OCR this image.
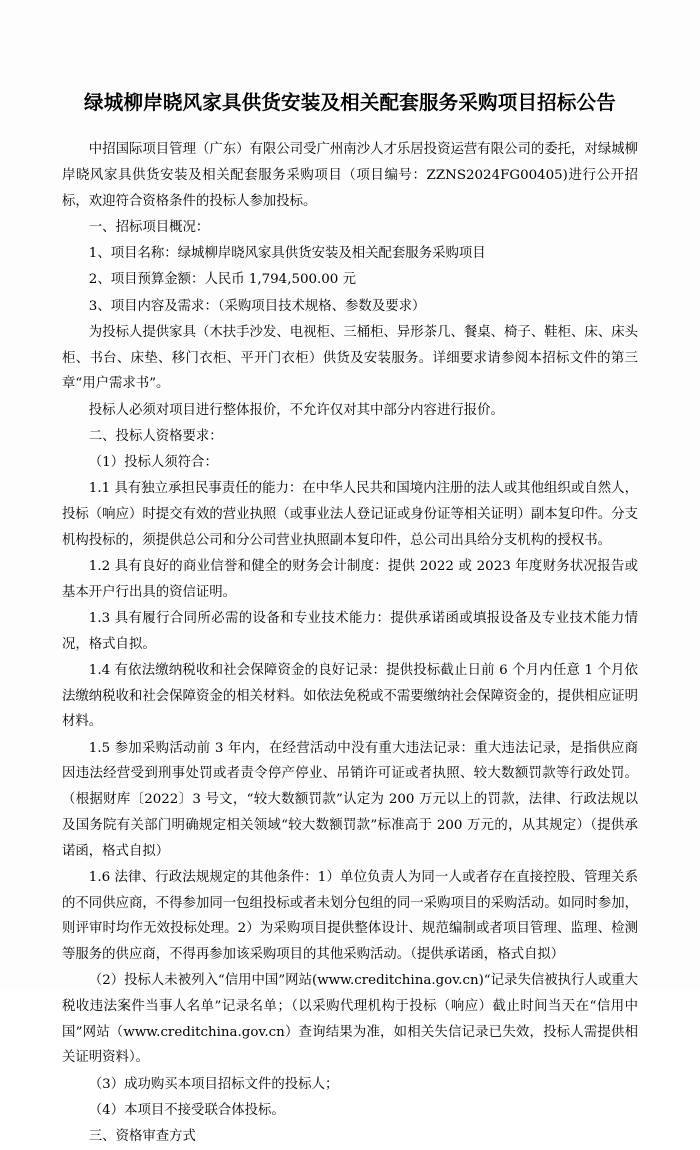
绿城柳岸晓风家具供货安装及相关配套服务采购项目招标公告

中招国际项目管理（广东）有限公司受广州南沙人才乐居投资运营有限公司的委托，对绿城柳岸晓风家具供货安装及相关配套服务采购项目（项目编号：ZZNS2024FG00405)进行公开招标，欢迎符合资格条件的投标人参加投标。

一、招标项目概况：

1、项目名称：绿城柳岸晓风家具供货安装及相关配套服务采购项目

2、项目预算金额：人民币 1,794,500.00 元

3、项目内容及需求：（采购项目技术规格、参数及要求）

为投标人提供家具（木扶手沙发、电视柜、三桶柜、异形茶几、餐桌、椅子、鞋柜、床、床头柜、书台、床垫、移门衣柜、平开门衣柜）供货及安装服务。详细要求请参阅本招标文件的第三章“用户需求书”。

投标人必须对项目进行整体报价，不允许仅对其中部分内容进行报价。

二、投标人资格要求：

（1）投标人须符合：

1.1 具有独立承担民事责任的能力：在中华人民共和国境内注册的法人或其他组织或自然人，投标（响应）时提交有效的营业执照（或事业法人登记证或身份证等相关证明）副本复印件。分支机构投标的，须提供总公司和分公司营业执照副本复印件，总公司出具给分支机构的授权书。

1.2 具有良好的商业信誉和健全的财务会计制度：提供 2022 或 2023 年度财务状况报告或基本开户行出具的资信证明。

1.3 具有履行合同所必需的设备和专业技术能力：提供承诺函或填报设备及专业技术能力情况，格式自拟。

1.4 有依法缴纳税收和社会保障资金的良好记录：提供投标截止日前 6 个月内任意 1 个月依法缴纳税收和社会保障资金的相关材料。如依法免税或不需要缴纳社会保障资金的，提供相应证明材料。

1.5 参加采购活动前 3 年内，在经营活动中没有重大违法记录：重大违法记录，是指供应商因违法经营受到刑事处罚或者责令停产停业、吊销许可证或者执照、较大数额罚款等行政处罚。（根据财库〔2022〕3 号文，“较大数额罚款”认定为 200 万元以上的罚款，法律、行政法规以及国务院有关部门明确规定相关领域“较大数额罚款”标准高于 200 万元的，从其规定）（提供承诺函，格式自拟）

1.6 法律、行政法规规定的其他条件：1）单位负责人为同一人或者存在直接控股、管理关系的不同供应商，不得参加同一包组投标或者未划分包组的同一采购项目的采购活动。如同时参加，则评审时均作无效投标处理。2）为采购项目提供整体设计、规范编制或者项目管理、监理、检测等服务的供应商，不得再参加该采购项目的其他采购活动。（提供承诺函，格式自拟）

（2）投标人未被列入“信用中国”网站(www.creditchina.gov.cn)“记录失信被执行人或重大税收违法案件当事人名单”记录名单；（以采购代理机构于投标（响应）截止时间当天在“信用中国”网站（www.creditchina.gov.cn）查询结果为准，如相关失信记录已失效，投标人需提供相关证明资料）。

（3）成功购买本项目招标文件的投标人；

（4）本项目不接受联合体投标。

三、资格审查方式
